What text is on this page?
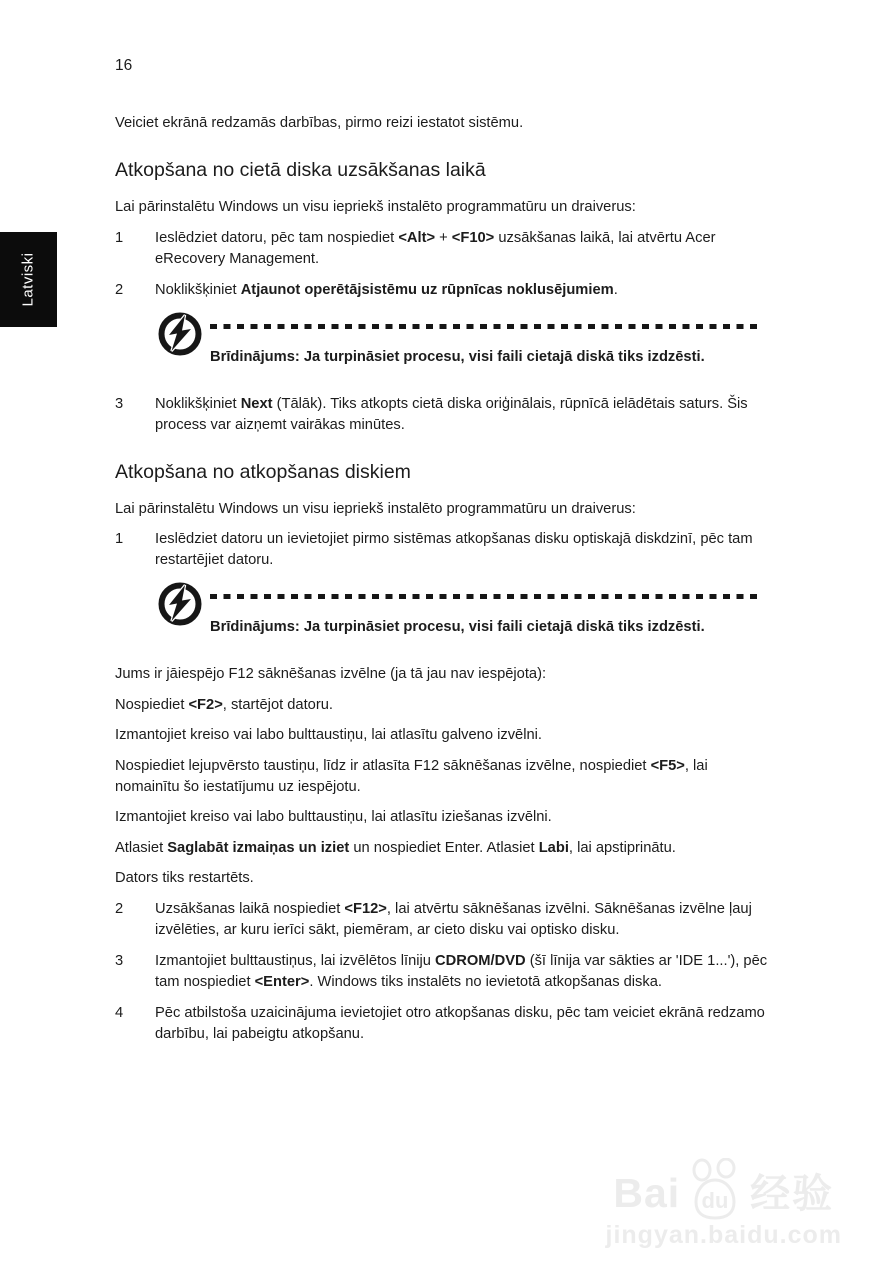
Latviski
16

Veiciet ekrānā redzamās darbības, pirmo reizi iestatot sistēmu.

Atkopšana no cietā diska uzsākšanas laikā

Lai pārinstalētu Windows un visu iepriekš instalēto programmatūru un draiverus:

1	Ieslēdziet datoru, pēc tam nospiediet <Alt> + <F10> uzsākšanas laikā, lai atvērtu Acer eRecovery Management.
2	Noklikšķiniet Atjaunot operētājsistēmu uz rūpnīcas noklusējumiem.

Brīdinājums: Ja turpināsiet procesu, visi faili cietajā diskā tiks izdzēsti.

3	Noklikšķiniet Next (Tālāk). Tiks atkopts cietā diska oriģinālais, rūpnīcā ielādētais saturs. Šis process var aizņemt vairākas minūtes.
Atkopšana no atkopšanas diskiem

Lai pārinstalētu Windows un visu iepriekš instalēto programmatūru un draiverus:

1	Ieslēdziet datoru un ievietojiet pirmo sistēmas atkopšanas disku optiskajā diskdzinī, pēc tam restartējiet datoru.

Brīdinājums: Ja turpināsiet procesu, visi faili cietajā diskā tiks izdzēsti.

Jums ir jāiespējo F12 sāknēšanas izvēlne (ja tā jau nav iespējota):

Nospiediet <F2>, startējot datoru.

Izmantojiet kreiso vai labo bulttaustiņu, lai atlasītu galveno izvēlni.

Nospiediet lejupvērsto taustiņu, līdz ir atlasīta F12 sāknēšanas izvēlne, nospiediet <F5>, lai nomainītu šo iestatījumu uz iespējotu.

Izmantojiet kreiso vai labo bulttaustiņu, lai atlasītu iziešanas izvēlni.

Atlasiet Saglabāt izmaiņas un iziet un nospiediet Enter. Atlasiet Labi, lai apstiprinātu.

Dators tiks restartēts.

2	Uzsākšanas laikā nospiediet <F12>, lai atvērtu sāknēšanas izvēlni. Sāknēšanas izvēlne ļauj izvēlēties, ar kuru ierīci sākt, piemēram, ar cieto disku vai optisko disku.
3	Izmantojiet bulttaustiņus, lai izvēlētos līniju CDROM/DVD (šī līnija var sākties ar 'IDE 1...'), pēc tam nospiediet <Enter>. Windows tiks instalēts no ievietotā atkopšanas diska.
4	Pēc atbilstoša uzaicinājuma ievietojiet otro atkopšanas disku, pēc tam veiciet ekrānā redzamo darbību, lai pabeigtu atkopšanu.
Bai du 经验
jingyan.baidu.com
